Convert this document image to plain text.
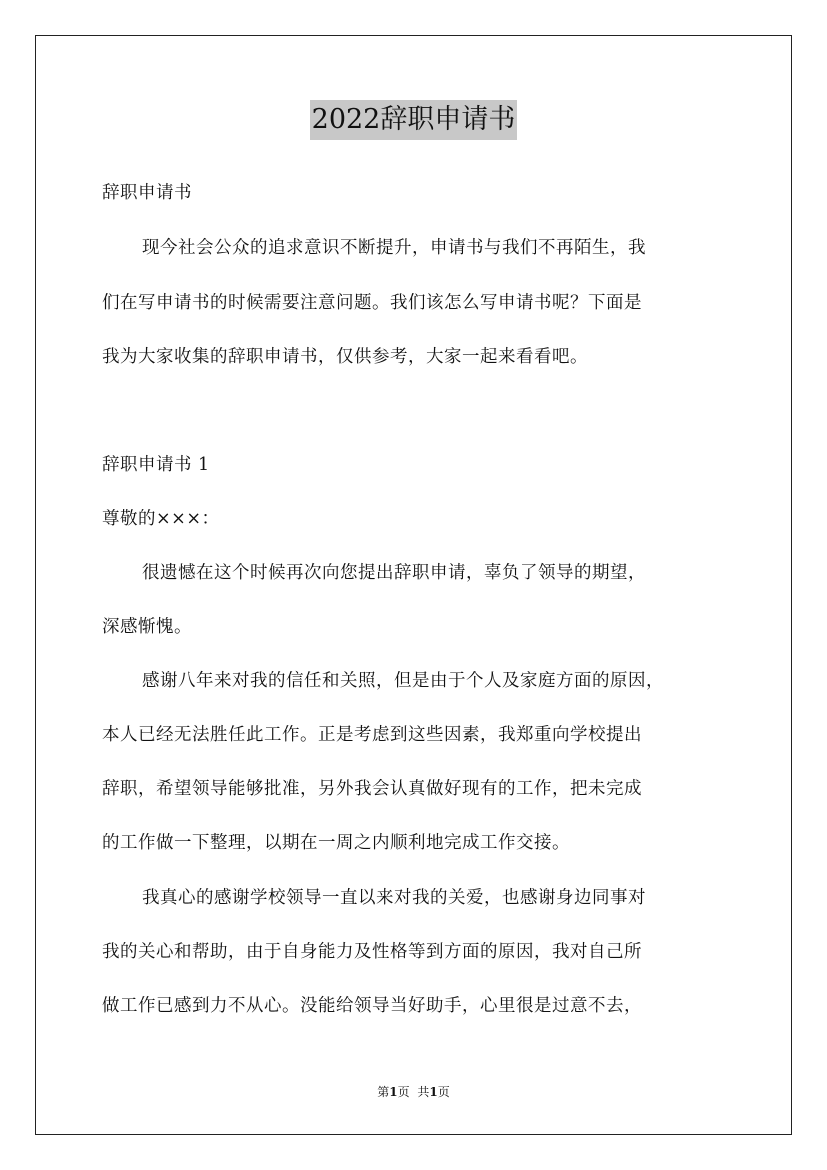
2022辞职申请书
辞职申请书
现今社会公众的追求意识不断提升，申请书与我们不再陌生，我
们在写申请书的时候需要注意问题。我们该怎么写申请书呢？下面是
我为大家收集的辞职申请书，仅供参考，大家一起来看看吧。
辞职申请书 1
尊敬的×××：
很遗憾在这个时候再次向您提出辞职申请，辜负了领导的期望，
深感惭愧。
感谢八年来对我的信任和关照，但是由于个人及家庭方面的原因，
本人已经无法胜任此工作。正是考虑到这些因素，我郑重向学校提出
辞职，希望领导能够批准，另外我会认真做好现有的工作，把未完成
的工作做一下整理，以期在一周之内顺利地完成工作交接。
我真心的感谢学校领导一直以来对我的关爱，也感谢身边同事对
我的关心和帮助，由于自身能力及性格等到方面的原因，我对自己所
做工作已感到力不从心。没能给领导当好助手，心里很是过意不去，
第1页 共1页
